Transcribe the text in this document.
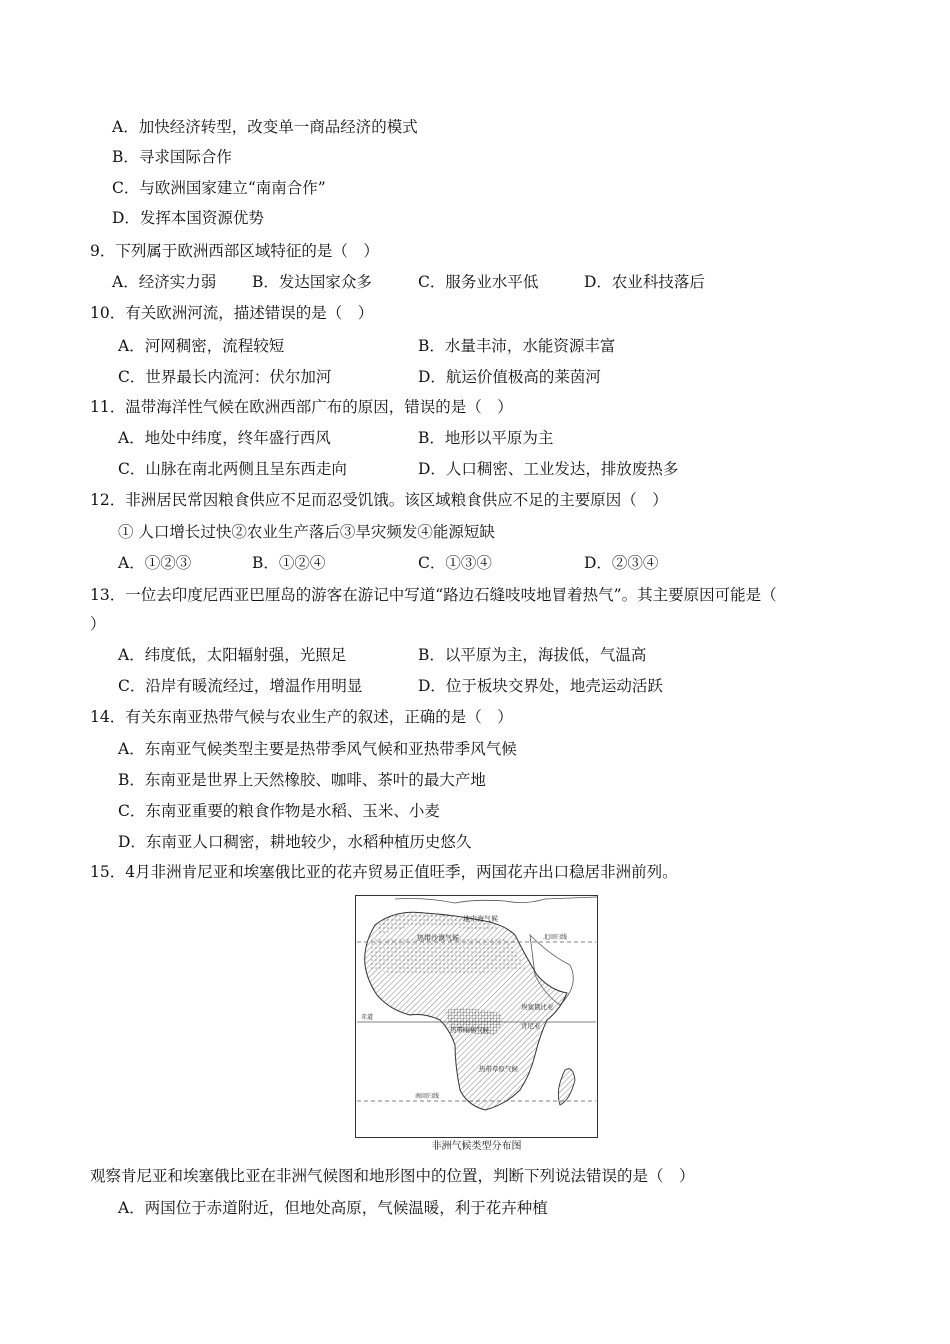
A．加快经济转型，改变单一商品经济的模式
B．寻求国际合作
C．与欧洲国家建立“南南合作”
D．发挥本国资源优势
9．下列属于欧洲西部区域特征的是（　）
A．经济实力弱 B．发达国家众多	C．服务业水平低	D．农业科技落后
10．有关欧洲河流，描述错误的是（　）
A．河网稠密，流程较短	B．水量丰沛，水能资源丰富
C．世界最长内流河：伏尔加河	D．航运价值极高的莱茵河
11．温带海洋性气候在欧洲西部广布的原因，错误的是（　）
A．地处中纬度，终年盛行西风	B．地形以平原为主
C．山脉在南北两侧且呈东西走向	D．人口稠密、工业发达，排放废热多
12．非洲居民常因粮食供应不足而忍受饥饿。该区域粮食供应不足的主要原因（　）
① 人口增长过快②农业生产落后③旱灾频发④能源短缺
A．①②③	B．①②④	C．①③④	D．②③④
13．一位去印度尼西亚巴厘岛的游客在游记中写道“路边石缝吱吱地冒着热气”。其主要原因可能是（
）
A．纬度低，太阳辐射强，光照足	B．以平原为主，海拔低，气温高
C．沿岸有暖流经过，增温作用明显	D．位于板块交界处，地壳运动活跃
14．有关东南亚热带气候与农业生产的叙述，正确的是（　）
A．东南亚气候类型主要是热带季风气候和亚热带季风气候
B．东南亚是世界上天然橡胶、咖啡、茶叶的最大产地
C．东南亚重要的粮食作物是水稻、玉米、小麦
D．东南亚人口稠密，耕地较少，水稻种植历史悠久
15．4月非洲肯尼亚和埃塞俄比亚的花卉贸易正值旺季，两国花卉出口稳居非洲前列。
地中海气候
热带沙漠气候	北回归线
埃塞俄比亚
肯尼亚
赤道
热带雨林气候
热带草原气候
南回归线
非洲气候类型分布图
观察肯尼亚和埃塞俄比亚在非洲气候图和地形图中的位置，判断下列说法错误的是（　）
A．两国位于赤道附近，但地处高原，气候温暖，利于花卉种植
